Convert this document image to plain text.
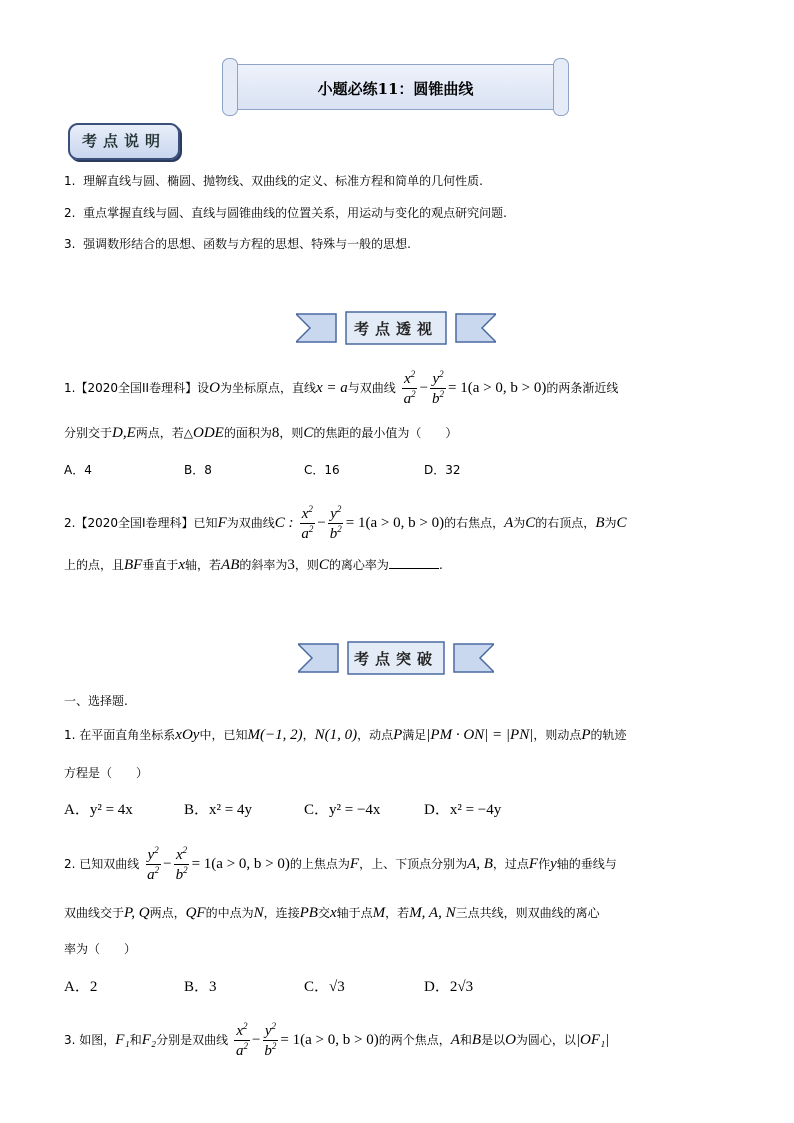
小题必练11：圆锥曲线
考点说明
1. 理解直线与圆、椭圆、抛物线、双曲线的定义、标准方程和简单的几何性质.
2. 重点掌握直线与圆、直线与圆锥曲线的位置关系，用运动与变化的观点研究问题.
3. 强调数形结合的思想、函数与方程的思想、特殊与一般的思想.
考点透视
1.【2020全国II卷理科】设O为坐标原点，直线x = a与双曲线 $\frac{x^2}{a^2} - \frac{y^2}{b^2} = 1(a > 0$, b > 0)的两条渐近线
分别交于D,E两点，若△ODE的面积为8，则C的焦距的最小值为（　　）
A．4	B．8	C．16	D．32
2.【2020全国Ⅰ卷理科】已知F为双曲线C : $\frac{x^2}{a^2} - \frac{y^2}{b^2} = 1(a > 0$, b > 0)的右焦点，A为C的右顶点，B为C
上的点，且BF垂直于x轴，若AB的斜率为3，则C的离心率为	.
考点突破
一、选择题.
1. 在平面直角坐标系xOy中，已知M(−1, 2)，N(1, 0)，动点P满足|PM · ON| = |PN|，则动点P的轨迹
方程是（　　）
A．y² = 4x	B．x² = 4y	C．y² = −4x	D．x² = −4y
2. 已知双曲线 $\frac{y^2}{a^2} - \frac{x^2}{b^2} = 1(a > 0$, b > 0)的上焦点为F，上、下顶点分别为A, B，过点F作y轴的垂线与
双曲线交于P, Q两点，QF的中点为N，连接PB交x轴于点M，若M, A, N三点共线，则双曲线的离心
率为（　　）
A．2	B．3	C．√3	D．2√3
3. 如图，F₁和F₂分别是双曲线 $\frac{x^2}{a^2} - \frac{y^2}{b^2} = 1(a > 0$, b > 0)的两个焦点，A和B是以O为圆心，以|OF₁|
